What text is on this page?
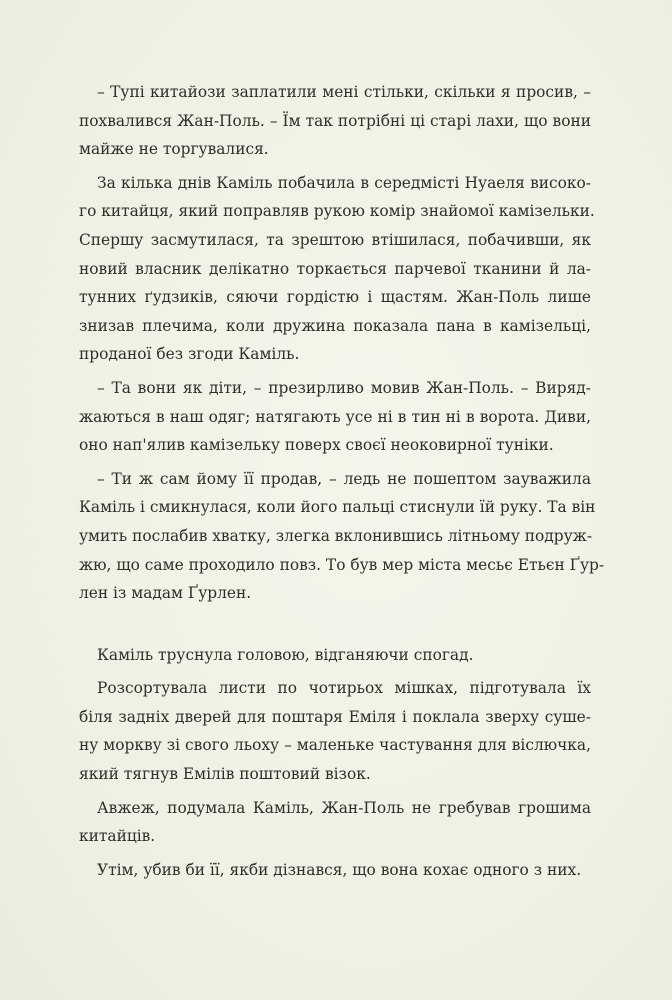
– Тупі китайози заплатили мені стільки, скільки я просив, –
похвалився Жан-Поль. – Їм так потрібні ці старі лахи, що вони
майже не торгувалися.

За кілька днів Каміль побачила в середмісті Нуаеля високо-
го китайця, який поправляв рукою комір знайомої камізельки.
Спершу засмутилася, та зрештою втішилася, побачивши, як
новий власник делікатно торкається парчевої тканини й ла-
тунних ґудзиків, сяючи гордістю і щастям. Жан-Поль лише
знизав плечима, коли дружина показала пана в камізельці,
проданої без згоди Каміль.

– Та вони як діти, – презирливо мовив Жан-Поль. – Виряд-
жаються в наш одяг; натягають усе ні в тин ні в ворота. Диви,
оно нап'ялив камізельку поверх своєї неоковирної туніки.

– Ти ж сам йому її продав, – ледь не пошептом зауважила
Каміль і смикнулася, коли його пальці стиснули їй руку. Та він
умить послабив хватку, злегка вклонившись літньому подруж-
жю, що саме проходило повз. То був мер міста месьє Етьєн Ґур-
лен із мадам Ґурлен.

Каміль труснула головою, відганяючи спогад.

Розсортувала листи по чотирьох мішках, підготувала їх
біля задніх дверей для поштаря Еміля і поклала зверху суше-
ну моркву зі свого льоху – маленьке частування для віслючка,
який тягнув Емілів поштовий візок.

Авжеж, подумала Каміль, Жан-Поль не гребував грошима
китайців.

Утім, убив би її, якби дізнався, що вона кохає одного з них.
